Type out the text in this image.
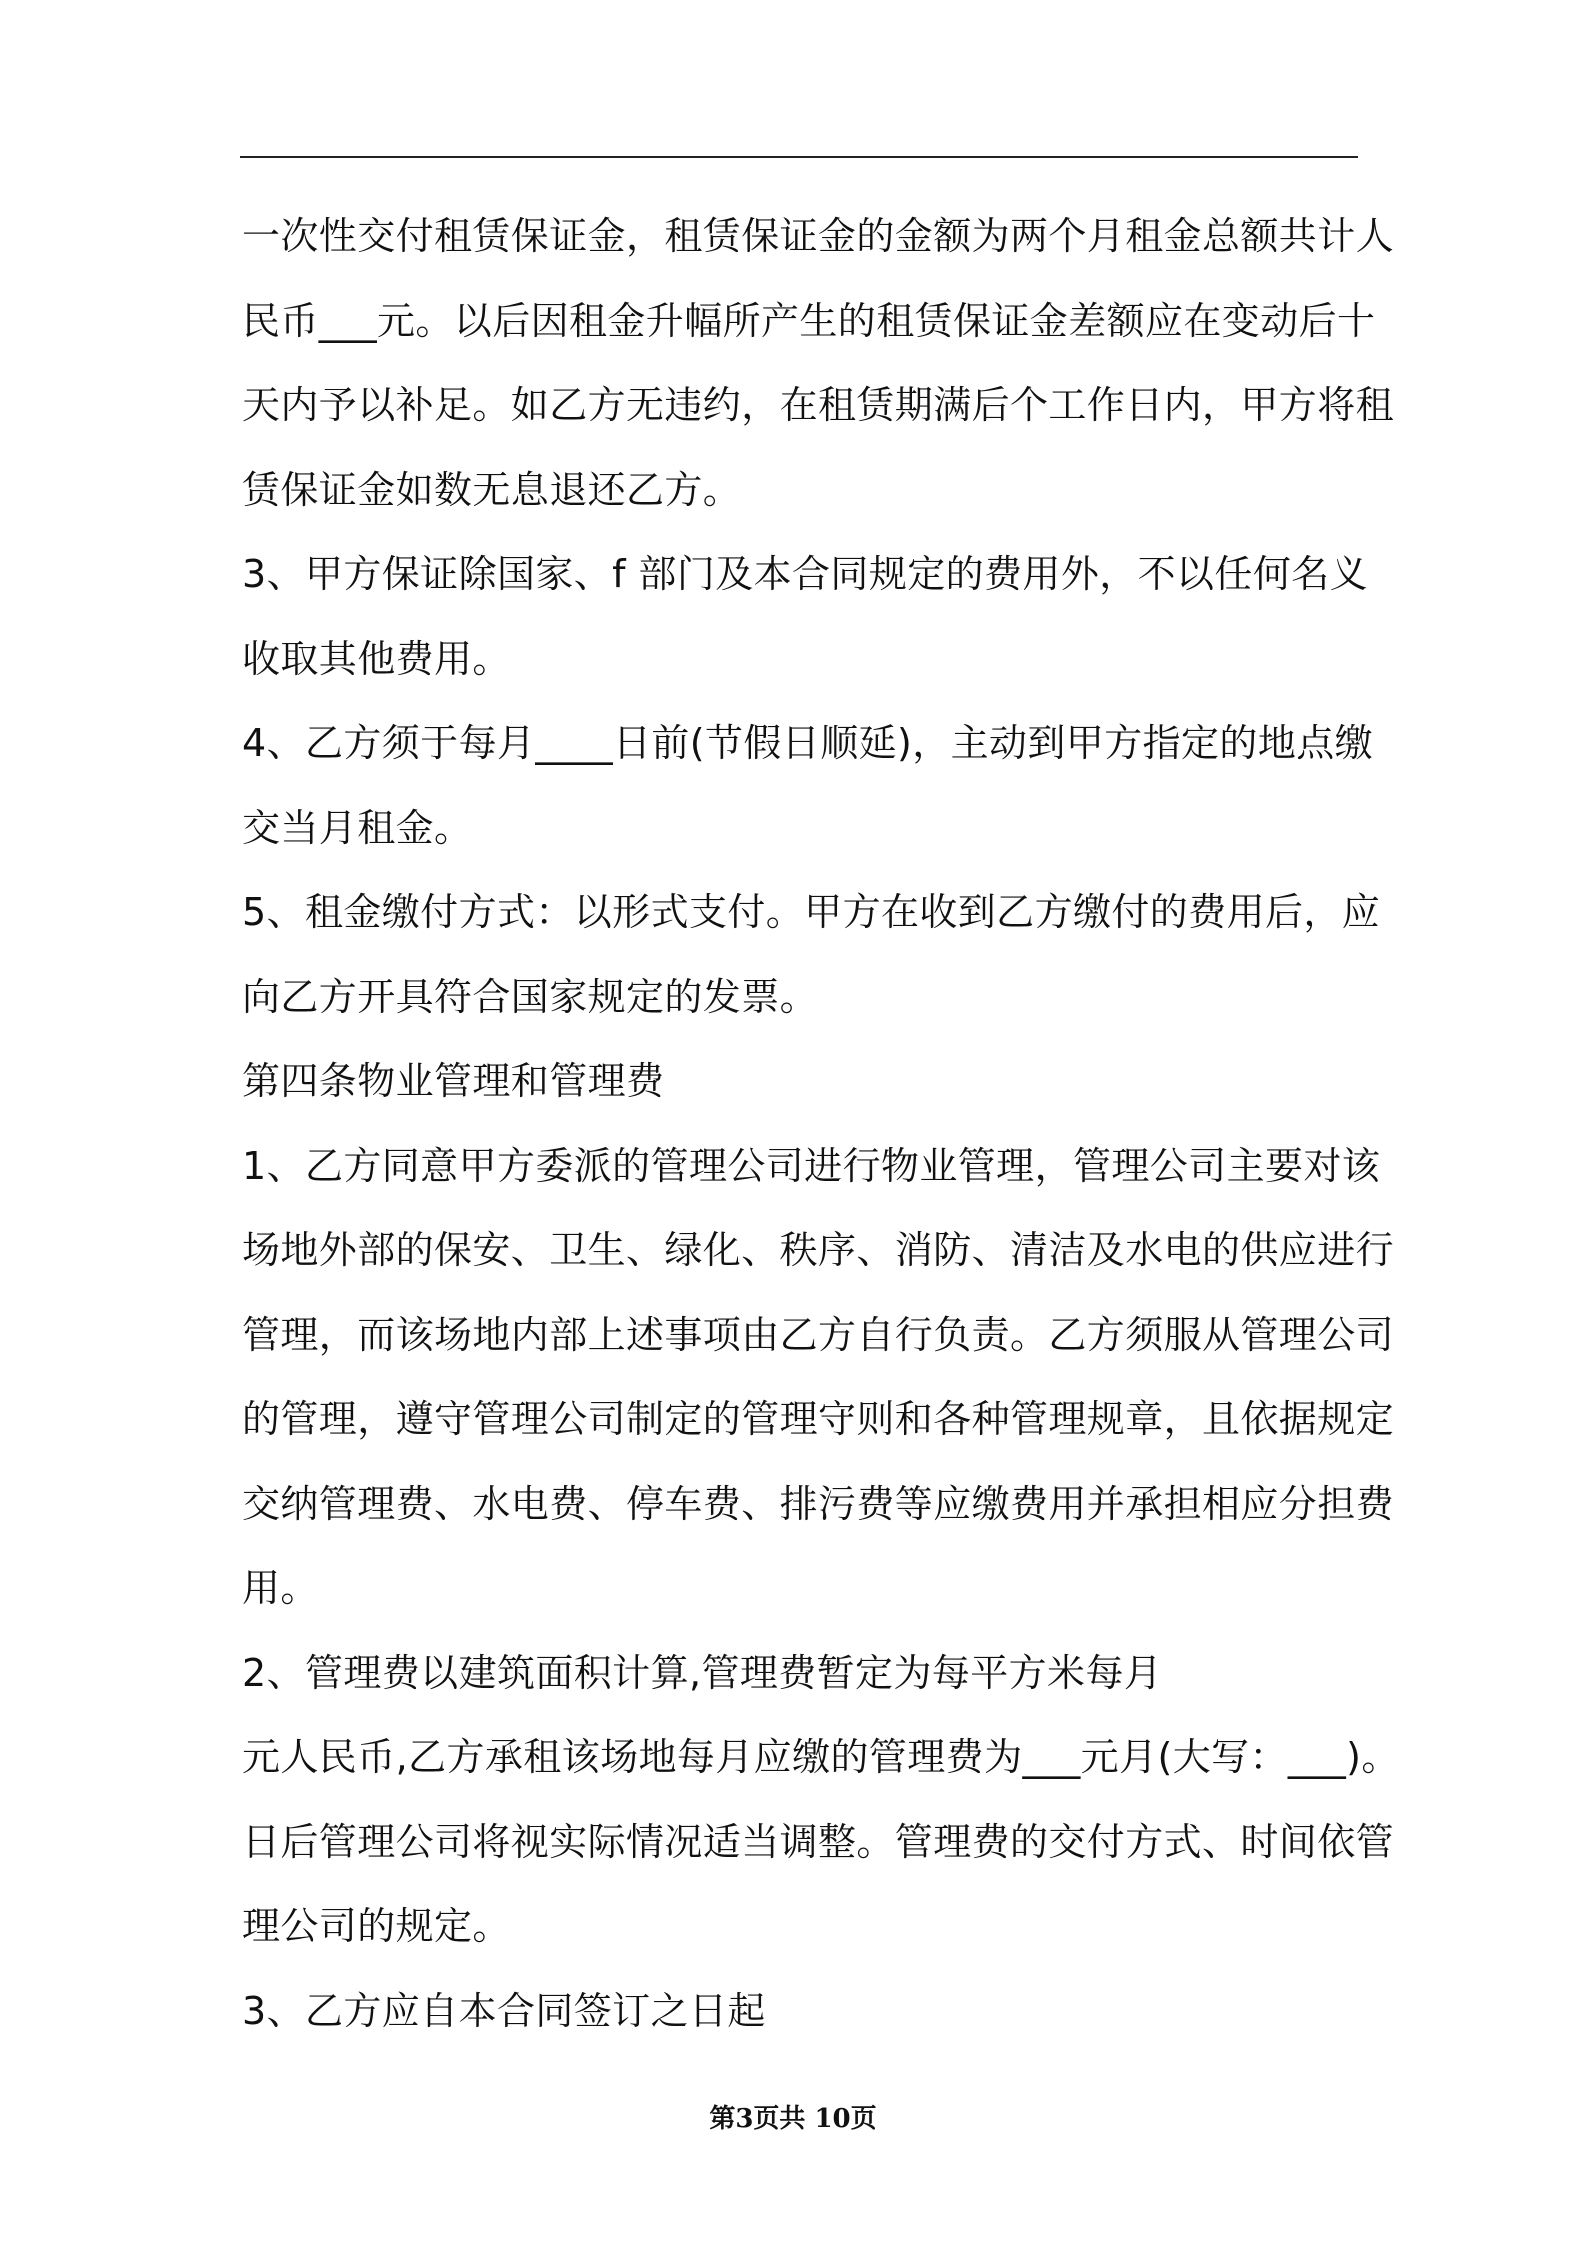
一次性交付租赁保证金，租赁保证金的金额为两个月租金总额共计人
民币___元。以后因租金升幅所产生的租赁保证金差额应在变动后十
天内予以补足。如乙方无违约，在租赁期满后个工作日内，甲方将租
赁保证金如数无息退还乙方。
3、甲方保证除国家、f 部门及本合同规定的费用外，不以任何名义
收取其他费用。
4、乙方须于每月____日前(节假日顺延)，主动到甲方指定的地点缴
交当月租金。
5、租金缴付方式：以形式支付。甲方在收到乙方缴付的费用后，应
向乙方开具符合国家规定的发票。
第四条物业管理和管理费
1、乙方同意甲方委派的管理公司进行物业管理，管理公司主要对该
场地外部的保安、卫生、绿化、秩序、消防、清洁及水电的供应进行
管理，而该场地内部上述事项由乙方自行负责。乙方须服从管理公司
的管理，遵守管理公司制定的管理守则和各种管理规章，且依据规定
交纳管理费、水电费、停车费、排污费等应缴费用并承担相应分担费
用。
2、管理费以建筑面积计算,管理费暂定为每平方米每月
元人民币,乙方承租该场地每月应缴的管理费为___元月(大写：___)。
日后管理公司将视实际情况适当调整。管理费的交付方式、时间依管
理公司的规定。
3、乙方应自本合同签订之日起
第3页共 10页
